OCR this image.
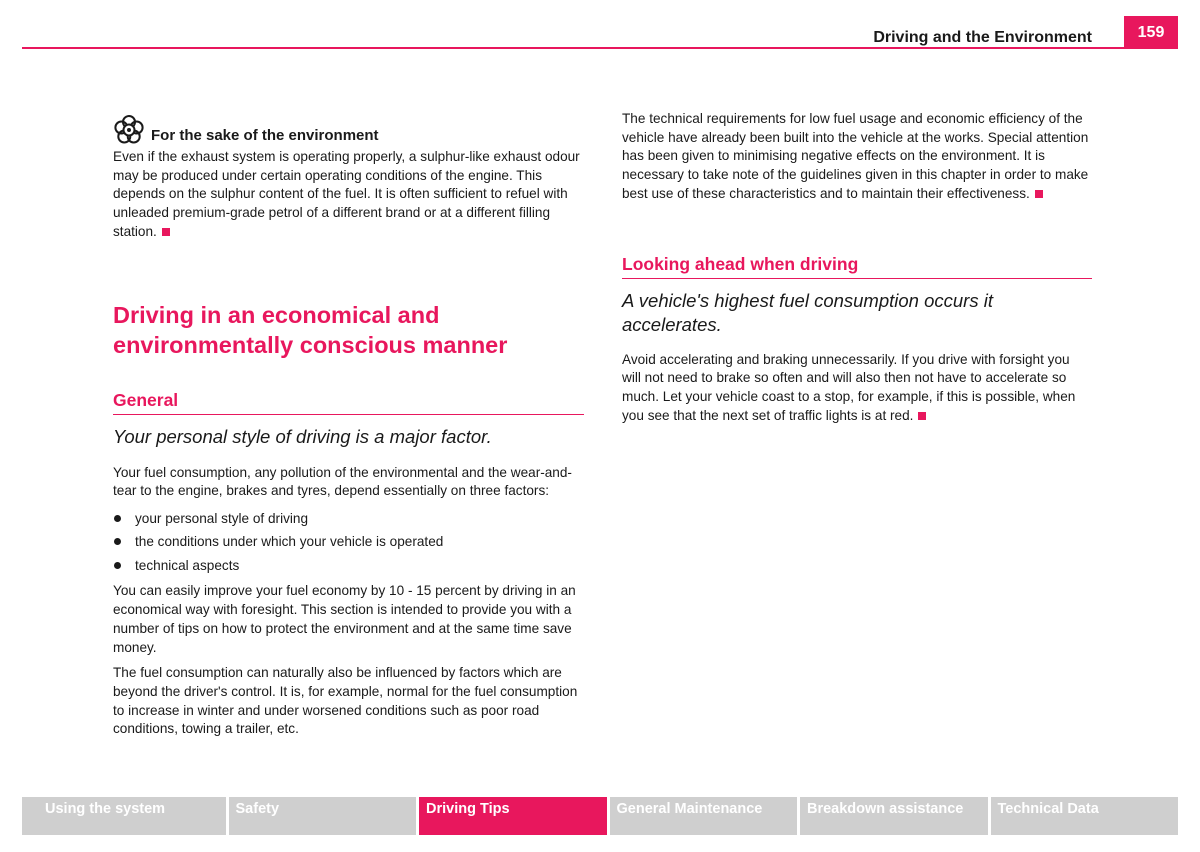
Driving and the Environment	159
For the sake of the environment

Even if the exhaust system is operating properly, a sulphur-like exhaust odour may be produced under certain operating conditions of the engine. This depends on the sulphur content of the fuel. It is often sufficient to refuel with unleaded premium-grade petrol of a different brand or at a different filling station.

Driving in an economical and environmentally conscious manner
General
Your personal style of driving is a major factor.

Your fuel consumption, any pollution of the environmental and the wear-and-tear to the engine, brakes and tyres, depend essentially on three factors:

your personal style of driving
the conditions under which your vehicle is operated
technical aspects

You can easily improve your fuel economy by 10 - 15 percent by driving in an economical way with foresight. This section is intended to provide you with a number of tips on how to protect the environment and at the same time save money.

The fuel consumption can naturally also be influenced by factors which are beyond the driver's control. It is, for example, normal for the fuel consumption to increase in winter and under worsened conditions such as poor road conditions, towing a trailer, etc.

The technical requirements for low fuel usage and economic efficiency of the vehicle have already been built into the vehicle at the works. Special attention has been given to minimising negative effects on the environment. It is necessary to take note of the guidelines given in this chapter in order to make best use of these characteristics and to maintain their effectiveness.

Looking ahead when driving
A vehicle's highest fuel consumption occurs it accelerates.

Avoid accelerating and braking unnecessarily. If you drive with forsight you will not need to brake so often and will also then not have to accelerate so much. Let your vehicle coast to a stop, for example, if this is possible, when you see that the next set of traffic lights is at red.

Using the system	Safety	Driving Tips	General Maintenance	Breakdown assistance	Technical Data
